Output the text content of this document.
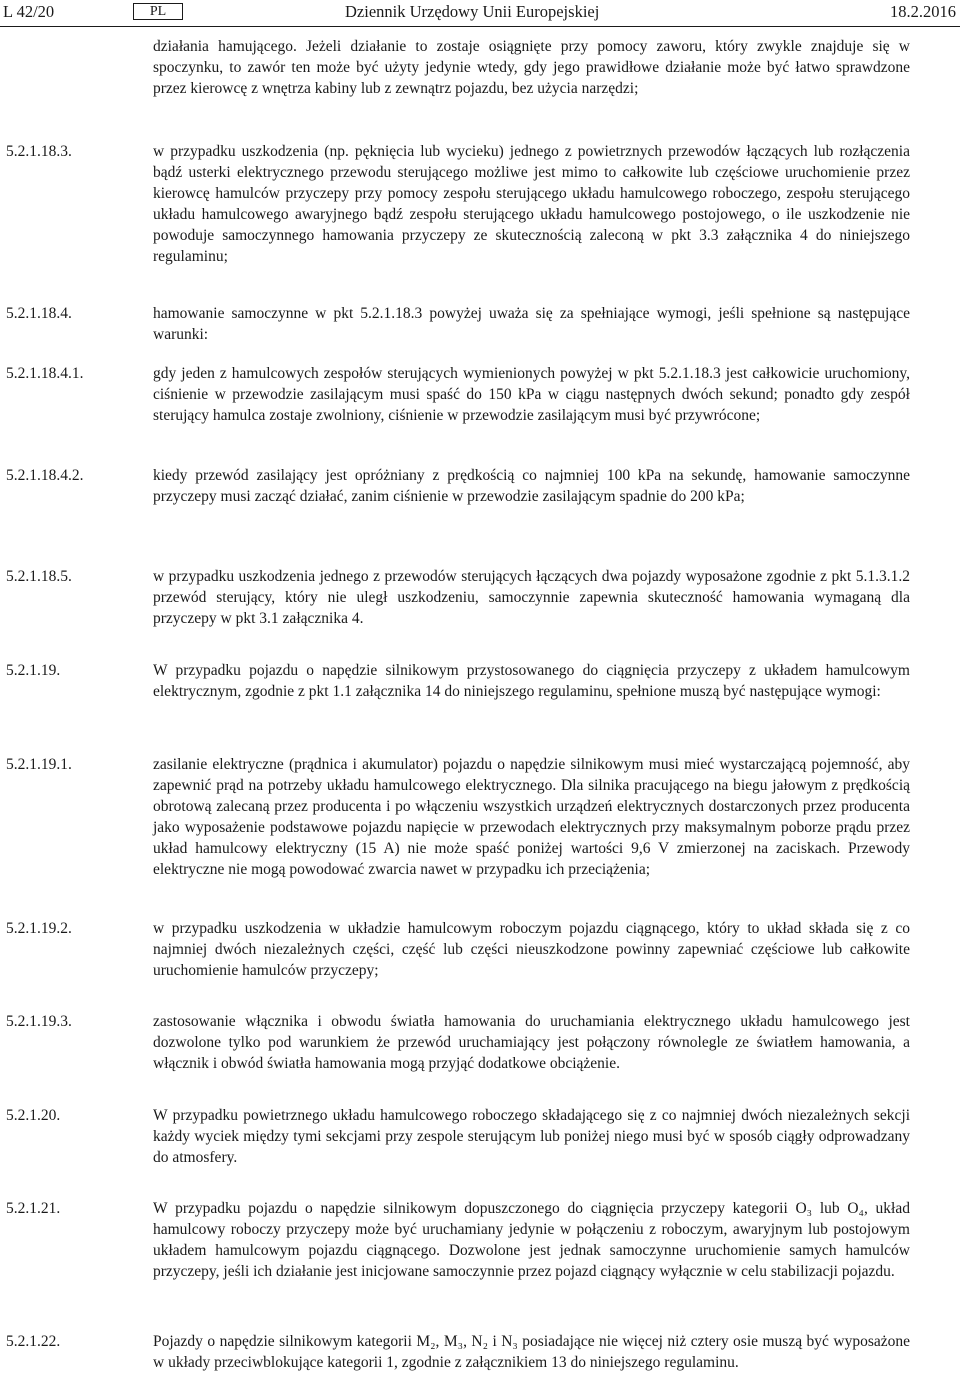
L 42/20	PL	Dziennik Urzędowy Unii Europejskiej	18.2.2016
działania hamującego. Jeżeli działanie to zostaje osiągnięte przy pomocy zaworu, który zwykle znajduje się w spoczynku, to zawór ten może być użyty jedynie wtedy, gdy jego prawidłowe działanie może być łatwo sprawdzone przez kierowcę z wnętrza kabiny lub z zewnątrz pojazdu, bez użycia narzędzi;
5.2.1.18.3.	w przypadku uszkodzenia (np. pęknięcia lub wycieku) jednego z powietrznych przewodów łączących lub rozłączenia bądź usterki elektrycznego przewodu sterującego możliwe jest mimo to całkowite lub częściowe uruchomienie przez kierowcę hamulców przyczepy przy pomocy zespołu sterującego układu hamulcowego roboczego, zespołu sterującego układu hamulcowego awaryjnego bądź zespołu sterującego układu hamulcowego postojowego, o ile uszkodzenie nie powoduje samoczynnego hamowania przyczepy ze skutecznością zaleconą w pkt 3.3 załącznika 4 do niniejszego regulaminu;
5.2.1.18.4.	hamowanie samoczynne w pkt 5.2.1.18.3 powyżej uważa się za spełniające wymogi, jeśli spełnione są następujące warunki:
5.2.1.18.4.1.	gdy jeden z hamulcowych zespołów sterujących wymienionych powyżej w pkt 5.2.1.18.3 jest całkowicie uruchomiony, ciśnienie w przewodzie zasilającym musi spaść do 150 kPa w ciągu następnych dwóch sekund; ponadto gdy zespół sterujący hamulca zostaje zwolniony, ciśnienie w przewodzie zasilającym musi być przywrócone;
5.2.1.18.4.2.	kiedy przewód zasilający jest opróżniany z prędkością co najmniej 100 kPa na sekundę, hamowanie samoczynne przyczepy musi zacząć działać, zanim ciśnienie w przewodzie zasilającym spadnie do 200 kPa;
5.2.1.18.5.	w przypadku uszkodzenia jednego z przewodów sterujących łączących dwa pojazdy wyposażone zgodnie z pkt 5.1.3.1.2 przewód sterujący, który nie uległ uszkodzeniu, samoczynnie zapewnia skuteczność hamowania wymaganą dla przyczepy w pkt 3.1 załącznika 4.
5.2.1.19.	W przypadku pojazdu o napędzie silnikowym przystosowanego do ciągnięcia przyczepy z układem hamulcowym elektrycznym, zgodnie z pkt 1.1 załącznika 14 do niniejszego regulaminu, spełnione muszą być następujące wymogi:
5.2.1.19.1.	zasilanie elektryczne (prądnica i akumulator) pojazdu o napędzie silnikowym musi mieć wystarczającą pojemność, aby zapewnić prąd na potrzeby układu hamulcowego elektrycznego. Dla silnika pracującego na biegu jałowym z prędkością obrotową zalecaną przez producenta i po włączeniu wszystkich urządzeń elektrycznych dostarczonych przez producenta jako wyposażenie podstawowe pojazdu napięcie w przewodach elektrycznych przy maksymalnym poborze prądu przez układ hamulcowy elektryczny (15 A) nie może spaść poniżej wartości 9,6 V zmierzonej na zaciskach. Przewody elektryczne nie mogą powodować zwarcia nawet w przypadku ich przeciążenia;
5.2.1.19.2.	w przypadku uszkodzenia w układzie hamulcowym roboczym pojazdu ciągnącego, który to układ składa się z co najmniej dwóch niezależnych części, część lub części nieuszkodzone powinny zapewniać częściowe lub całkowite uruchomienie hamulców przyczepy;
5.2.1.19.3.	zastosowanie włącznika i obwodu światła hamowania do uruchamiania elektrycznego układu hamulcowego jest dozwolone tylko pod warunkiem że przewód uruchamiający jest połączony równolegle ze światłem hamowania, a włącznik i obwód światła hamowania mogą przyjąć dodatkowe obciążenie.
5.2.1.20.	W przypadku powietrznego układu hamulcowego roboczego składającego się z co najmniej dwóch niezależnych sekcji każdy wyciek między tymi sekcjami przy zespole sterującym lub poniżej niego musi być w sposób ciągły odprowadzany do atmosfery.
5.2.1.21.	W przypadku pojazdu o napędzie silnikowym dopuszczonego do ciągnięcia przyczepy kategorii O₃ lub O₄, układ hamulcowy roboczy przyczepy może być uruchamiany jedynie w połączeniu z roboczym, awaryjnym lub postojowym układem hamulcowym pojazdu ciągnącego. Dozwolone jest jednak samoczynne uruchomienie samych hamulców przyczepy, jeśli ich działanie jest inicjowane samoczynnie przez pojazd ciągnący wyłącznie w celu stabilizacji pojazdu.
5.2.1.22.	Pojazdy o napędzie silnikowym kategorii M₂, M₃, N₂ i N₃ posiadające nie więcej niż cztery osie muszą być wyposażone w układy przeciwblokujące kategorii 1, zgodnie z załącznikiem 13 do niniejszego regulaminu.
